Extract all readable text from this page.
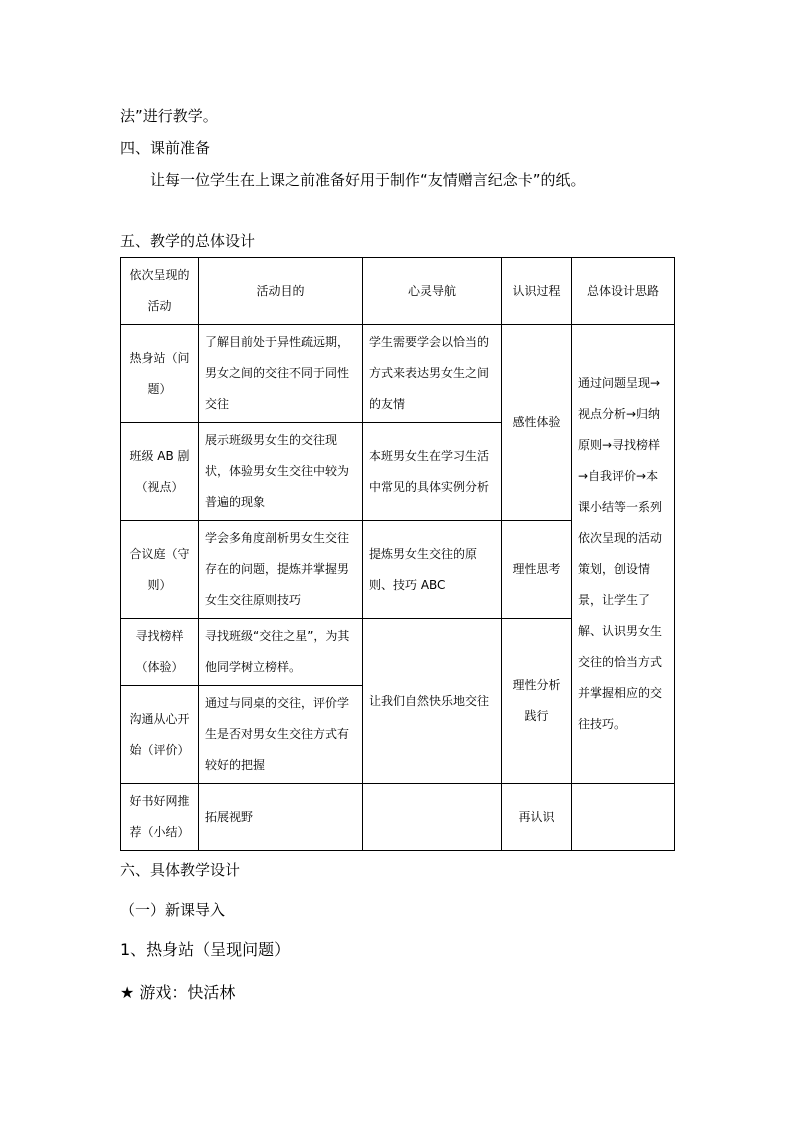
法”进行教学。
四、课前准备
让每一位学生在上课之前准备好用于制作“友情赠言纪念卡”的纸。
五、教学的总体设计
依次呈现的活动	活动目的	心灵导航	认识过程	总体设计思路
热身站（问题）	了解目前处于异性疏远期，男女之间的交往不同于同性交往	学生需要学会以恰当的方式来表达男女生之间的友情	感性体验	通过问题呈现→视点分析→归纳原则→寻找榜样→自我评价→本课小结等一系列依次呈现的活动策划，创设情景，让学生了解、认识男女生交往的恰当方式并掌握相应的交往技巧。
班级 AB 剧（视点）	展示班级男女生的交往现状，体验男女生交往中较为普遍的现象	本班男女生在学习生活中常见的具体实例分析		
合议庭（守则）	学会多角度剖析男女生交往存在的问题，提炼并掌握男女生交往原则技巧	提炼男女生交往的原则、技巧 ABC	理性思考	
寻找榜样（体验）	寻找班级“交往之星”，为其他同学树立榜样。	让我们自然快乐地交往	理性分析践行	
沟通从心开始（评价）	通过与同桌的交往，评价学生是否对男女生交往方式有较好的把握			
好书好网推荐（小结）	拓展视野		再认识	
六、具体教学设计
（一）新课导入
1、热身站（呈现问题）
★ 游戏：快活林
